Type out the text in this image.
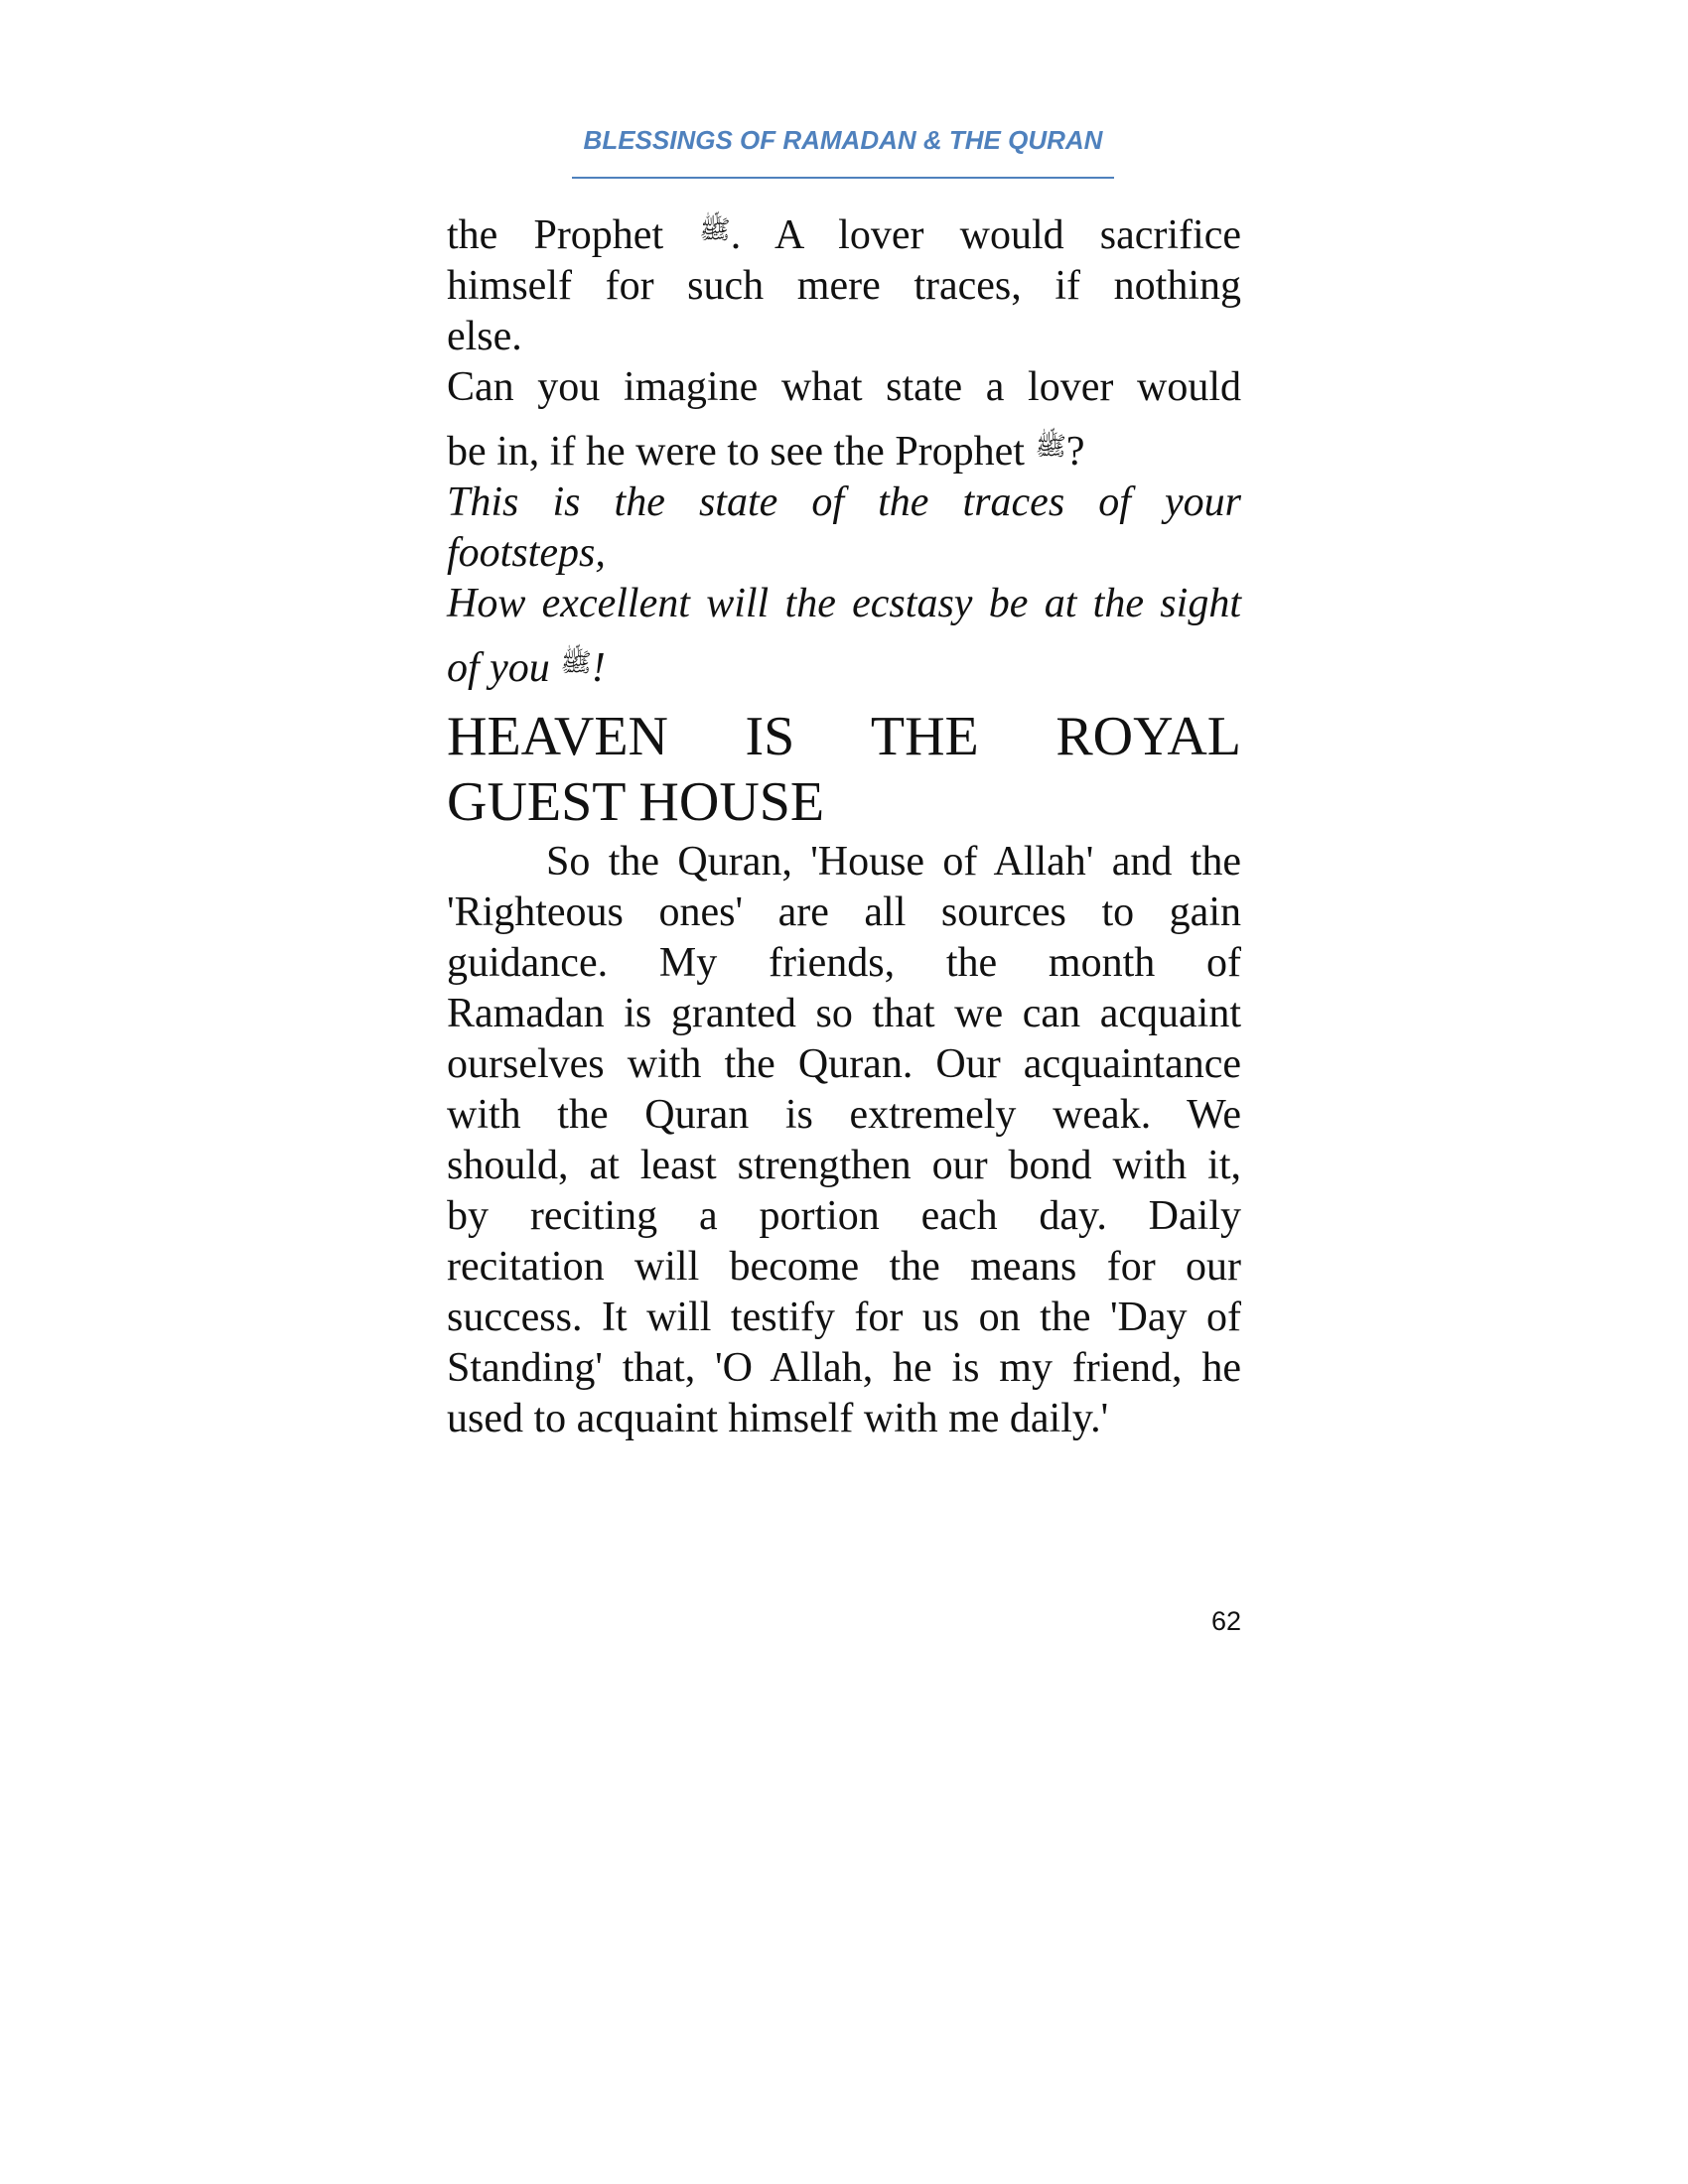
BLESSINGS OF RAMADAN & THE QURAN
the Prophet ﷺ. A lover would sacrifice
himself for such mere traces, if nothing
else.
Can you imagine what state a lover would
be in, if he were to see the Prophet ﷺ?
This is the state of the traces of your
footsteps,
How excellent will the ecstasy be at the sight
of you ﷺ!
HEAVEN IS THE ROYAL
GUEST HOUSE
So the Quran, 'House of Allah' and the
'Righteous ones' are all sources to gain
guidance. My friends, the month of
Ramadan is granted so that we can acquaint
ourselves with the Quran. Our acquaintance
with the Quran is extremely weak. We
should, at least strengthen our bond with it,
by reciting a portion each day. Daily
recitation will become the means for our
success. It will testify for us on the 'Day of
Standing' that, 'O Allah, he is my friend, he
used to acquaint himself with me daily.'
62
